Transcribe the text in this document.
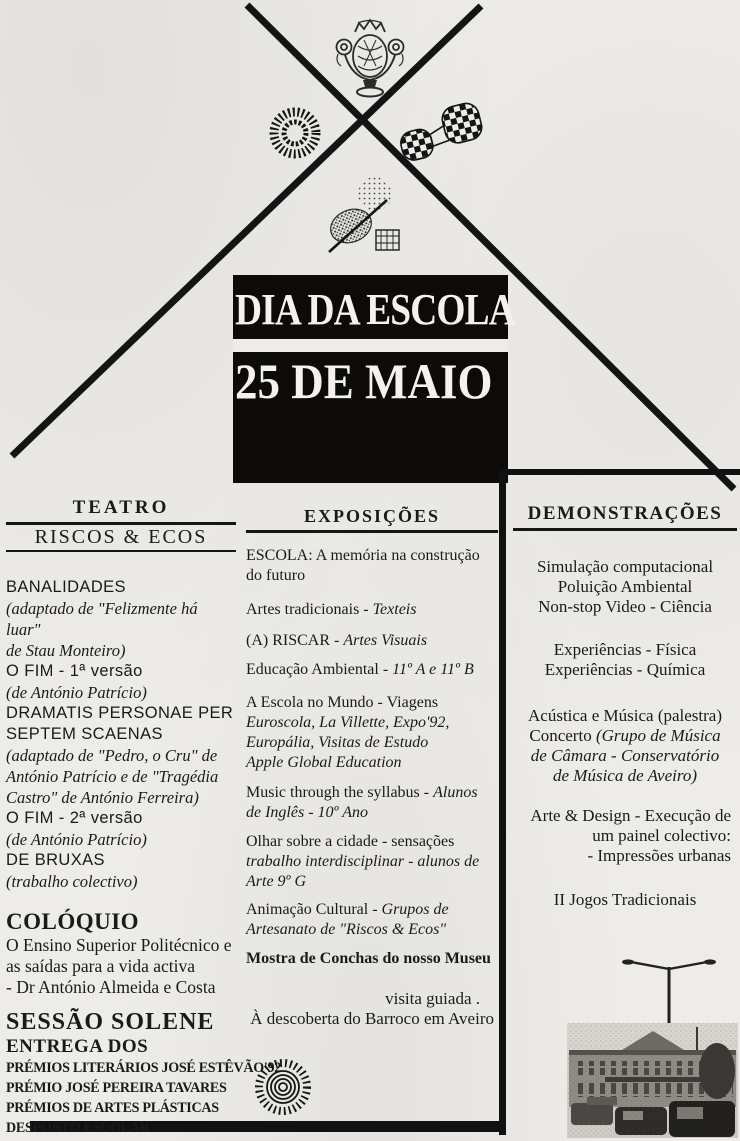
DIA DA ESCOLA
25 DE MAIO
TEATRO
RISCOS & ECOS
BANALIDADES
(adaptado de "Felizmente há luar"
de Stau Monteiro)
O FIM - 1ª versão
(de António Patrício)
DRAMATIS PERSONAE PER
SEPTEM SCAENAS
(adaptado de "Pedro, o Cru" de
António Patrício e de "Tragédia
Castro" de António Ferreira)
O FIM - 2ª versão
(de António Patrício)
DE BRUXAS
(trabalho colectivo)
COLÓQUIO
O Ensino Superior Politécnico e
as saídas para a vida activa
- Dr António Almeida e Costa
SESSÃO SOLENE
ENTREGA DOS
PRÉMIOS LITERÁRIOS JOSÉ ESTÊVÃO'92
PRÉMIO JOSÉ PEREIRA TAVARES
PRÉMIOS DE ARTES PLÁSTICAS
DESPORTO ESCOLAR
EXPOSIÇÕES
ESCOLA: A memória na construção
do futuro
Artes tradicionais - Texteis
(A) RISCAR - Artes Visuais
Educação Ambiental - 11º A e 11º B
A Escola no Mundo - Viagens
Euroscola, La Villette, Expo'92,
Europália, Visitas de Estudo
Apple Global Education
Music through the syllabus - Alunos
de Inglês - 10º Ano
Olhar sobre a cidade - sensações
trabalho interdisciplinar - alunos de
Arte 9º G
Animação Cultural - Grupos de
Artesanato de "Riscos & Ecos"
Mostra de Conchas do nosso Museu
visita guiada .
À descoberta do Barroco em Aveiro
DEMONSTRAÇÕES
Simulação computacional
Poluição Ambiental
Non-stop Video - Ciência
Experiências - Física
Experiências - Química
Acústica e Música (palestra)
Concerto (Grupo de Música
de Câmara - Conservatório
de Música de Aveiro)
Arte & Design - Execução de
um painel colectivo:
- Impressões urbanas
II Jogos Tradicionais
